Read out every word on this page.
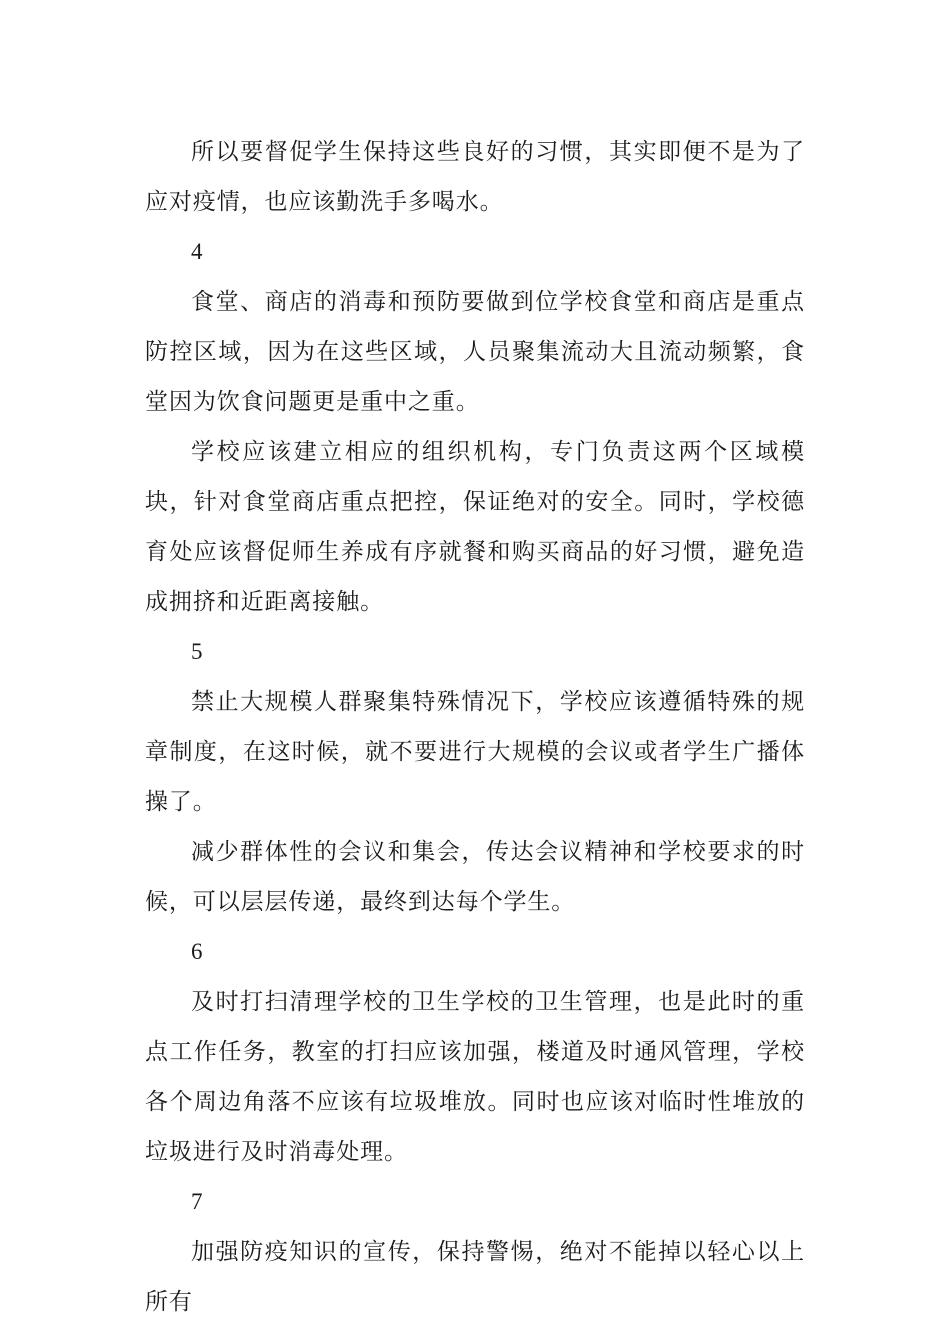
所以要督促学生保持这些良好的习惯，其实即便不是为了应对疫情，也应该勤洗手多喝水。

4

食堂、商店的消毒和预防要做到位学校食堂和商店是重点防控区域，因为在这些区域，人员聚集流动大且流动频繁，食堂因为饮食问题更是重中之重。

学校应该建立相应的组织机构，专门负责这两个区域模块，针对食堂商店重点把控，保证绝对的安全。同时，学校德育处应该督促师生养成有序就餐和购买商品的好习惯，避免造成拥挤和近距离接触。

5

禁止大规模人群聚集特殊情况下，学校应该遵循特殊的规章制度，在这时候，就不要进行大规模的会议或者学生广播体操了。

减少群体性的会议和集会，传达会议精神和学校要求的时候，可以层层传递，最终到达每个学生。

6

及时打扫清理学校的卫生学校的卫生管理，也是此时的重点工作任务，教室的打扫应该加强，楼道及时通风管理，学校各个周边角落不应该有垃圾堆放。同时也应该对临时性堆放的垃圾进行及时消毒处理。

7

加强防疫知识的宣传，保持警惕，绝对不能掉以轻心以上所有
